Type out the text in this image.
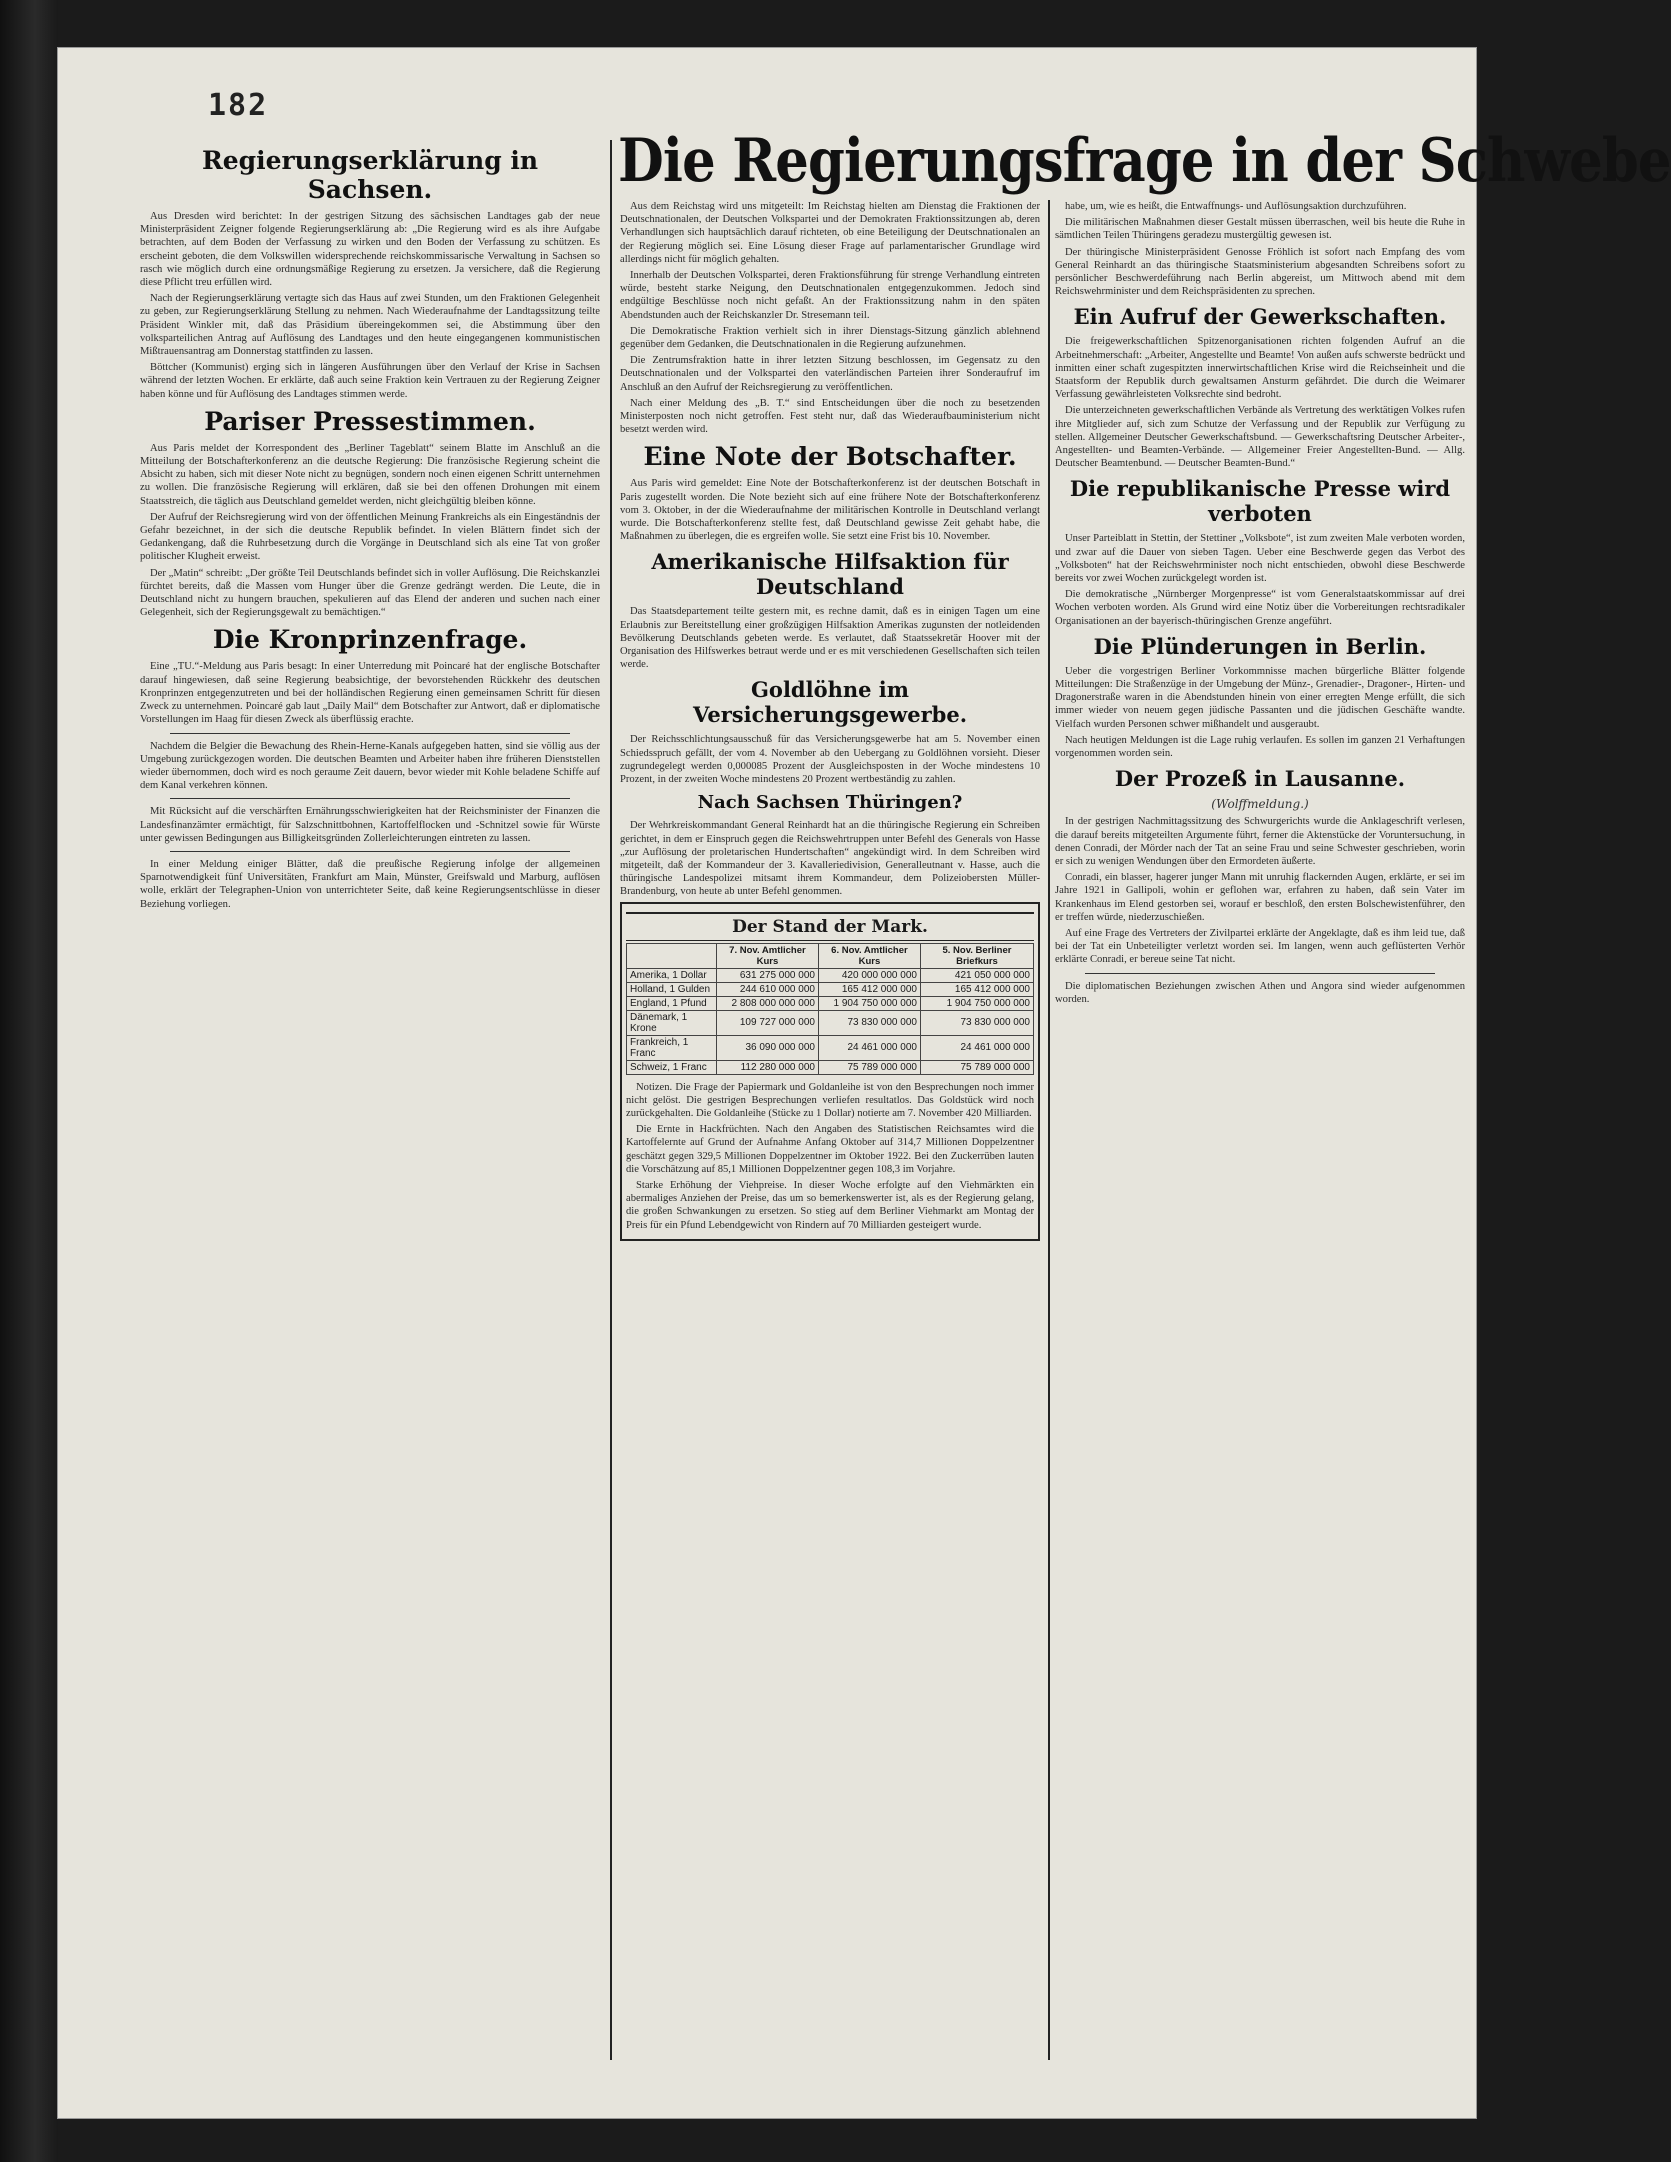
182
Die Regierungsfrage in der Schwebe
Regierungserklärung in Sachsen.

Aus Dresden wird berichtet: In der gestrigen Sitzung des sächsischen Landtages gab der neue Ministerpräsident Zeigner folgende Regierungserklärung ab: „Die Regierung wird es als ihre Aufgabe betrachten, auf dem Boden der Verfassung zu wirken und den Boden der Verfassung zu schützen. Es erscheint geboten, die dem Volkswillen widersprechende reichskommissarische Verwaltung in Sachsen so rasch wie möglich durch eine ordnungsmäßige Regierung zu ersetzen. Ja versichere, daß die Regierung diese Pflicht treu erfüllen wird.

Nach der Regierungserklärung vertagte sich das Haus auf zwei Stunden, um den Fraktionen Gelegenheit zu geben, zur Regierungserklärung Stellung zu nehmen. Nach Wiederaufnahme der Landtagssitzung teilte Präsident Winkler mit, daß das Präsidium übereingekommen sei, die Abstimmung über den volksparteilichen Antrag auf Auflösung des Landtages und den heute eingegangenen kommunistischen Mißtrauensantrag am Donnerstag stattfinden zu lassen.

Böttcher (Kommunist) erging sich in längeren Ausführungen über den Verlauf der Krise in Sachsen während der letzten Wochen. Er erklärte, daß auch seine Fraktion kein Vertrauen zu der Regierung Zeigner haben könne und für Auflösung des Landtages stimmen werde.

Pariser Pressestimmen.

Aus Paris meldet der Korrespondent des „Berliner Tageblatt“ seinem Blatte im Anschluß an die Mitteilung der Botschafterkonferenz an die deutsche Regierung: Die französische Regierung scheint die Absicht zu haben, sich mit dieser Note nicht zu begnügen, sondern noch einen eigenen Schritt unternehmen zu wollen. Die französische Regierung will erklären, daß sie bei den offenen Drohungen mit einem Staatsstreich, die täglich aus Deutschland gemeldet werden, nicht gleichgültig bleiben könne.

Der Aufruf der Reichsregierung wird von der öffentlichen Meinung Frankreichs als ein Eingeständnis der Gefahr bezeichnet, in der sich die deutsche Republik befindet. In vielen Blättern findet sich der Gedankengang, daß die Ruhrbesetzung durch die Vorgänge in Deutschland sich als eine Tat von großer politischer Klugheit erweist.

Der „Matin“ schreibt: „Der größte Teil Deutschlands befindet sich in voller Auflösung. Die Reichskanzlei fürchtet bereits, daß die Massen vom Hunger über die Grenze gedrängt werden. Die Leute, die in Deutschland nicht zu hungern brauchen, spekulieren auf das Elend der anderen und suchen nach einer Gelegenheit, sich der Regierungsgewalt zu bemächtigen.“

Die Kronprinzenfrage.

Eine „TU.“-Meldung aus Paris besagt: In einer Unterredung mit Poincaré hat der englische Botschafter darauf hingewiesen, daß seine Regierung beabsichtige, der bevorstehenden Rückkehr des deutschen Kronprinzen entgegenzutreten und bei der holländischen Regierung einen gemeinsamen Schritt für diesen Zweck zu unternehmen. Poincaré gab laut „Daily Mail“ dem Botschafter zur Antwort, daß er diplomatische Vorstellungen im Haag für diesen Zweck als überflüssig erachte.

Nachdem die Belgier die Bewachung des Rhein-Herne-Kanals aufgegeben hatten, sind sie völlig aus der Umgebung zurückgezogen worden. Die deutschen Beamten und Arbeiter haben ihre früheren Dienststellen wieder übernommen, doch wird es noch geraume Zeit dauern, bevor wieder mit Kohle beladene Schiffe auf dem Kanal verkehren können.

Mit Rücksicht auf die verschärften Ernährungsschwierigkeiten hat der Reichsminister der Finanzen die Landesfinanzämter ermächtigt, für Salzschnittbohnen, Kartoffelflocken und -Schnitzel sowie für Würste unter gewissen Bedingungen aus Billigkeitsgründen Zollerleichterungen eintreten zu lassen.

In einer Meldung einiger Blätter, daß die preußische Regierung infolge der allgemeinen Sparnotwendigkeit fünf Universitäten, Frankfurt am Main, Münster, Greifswald und Marburg, auflösen wolle, erklärt der Telegraphen-Union von unterrichteter Seite, daß keine Regierungsentschlüsse in dieser Beziehung vorliegen.

Aus dem Reichstag wird uns mitgeteilt: Im Reichstag hielten am Dienstag die Fraktionen der Deutschnationalen, der Deutschen Volkspartei und der Demokraten Fraktionssitzungen ab, deren Verhandlungen sich hauptsächlich darauf richteten, ob eine Beteiligung der Deutschnationalen an der Regierung möglich sei. Eine Lösung dieser Frage auf parlamentarischer Grundlage wird allerdings nicht für möglich gehalten.

Innerhalb der Deutschen Volkspartei, deren Fraktionsführung für strenge Verhandlung eintreten würde, besteht starke Neigung, den Deutschnationalen entgegenzukommen. Jedoch sind endgültige Beschlüsse noch nicht gefaßt. An der Fraktionssitzung nahm in den späten Abendstunden auch der Reichskanzler Dr. Stresemann teil.

Die Demokratische Fraktion verhielt sich in ihrer Dienstags-Sitzung gänzlich ablehnend gegenüber dem Gedanken, die Deutschnationalen in die Regierung aufzunehmen.

Die Zentrumsfraktion hatte in ihrer letzten Sitzung beschlossen, im Gegensatz zu den Deutschnationalen und der Volkspartei den vaterländischen Parteien ihrer Sonderaufruf im Anschluß an den Aufruf der Reichsregierung zu veröffentlichen.

Nach einer Meldung des „B. T.“ sind Entscheidungen über die noch zu besetzenden Ministerposten noch nicht getroffen. Fest steht nur, daß das Wiederaufbauministerium nicht besetzt werden wird.

Eine Note der Botschafter.

Aus Paris wird gemeldet: Eine Note der Botschafterkonferenz ist der deutschen Botschaft in Paris zugestellt worden. Die Note bezieht sich auf eine frühere Note der Botschafterkonferenz vom 3. Oktober, in der die Wiederaufnahme der militärischen Kontrolle in Deutschland verlangt wurde. Die Botschafterkonferenz stellte fest, daß Deutschland gewisse Zeit gehabt habe, die Maßnahmen zu überlegen, die es ergreifen wolle. Sie setzt eine Frist bis 10. November.

Amerikanische Hilfsaktion für Deutschland

Das Staatsdepartement teilte gestern mit, es rechne damit, daß es in einigen Tagen um eine Erlaubnis zur Bereitstellung einer großzügigen Hilfsaktion Amerikas zugunsten der notleidenden Bevölkerung Deutschlands gebeten werde. Es verlautet, daß Staatssekretär Hoover mit der Organisation des Hilfswerkes betraut werde und er es mit verschiedenen Gesellschaften sich teilen werde.

Goldlöhne im Versicherungsgewerbe.

Der Reichsschlichtungsausschuß für das Versicherungsgewerbe hat am 5. November einen Schiedsspruch gefällt, der vom 4. November ab den Uebergang zu Goldlöhnen vorsieht. Dieser zugrundegelegt werden 0,000085 Prozent der Ausgleichsposten in der Woche mindestens 10 Prozent, in der zweiten Woche mindestens 20 Prozent wertbeständig zu zahlen.

Nach Sachsen Thüringen?

Der Wehrkreiskommandant General Reinhardt hat an die thüringische Regierung ein Schreiben gerichtet, in dem er Einspruch gegen die Reichswehrtruppen unter Befehl des Generals von Hasse „zur Auflösung der proletarischen Hundertschaften“ angekündigt wird. In dem Schreiben wird mitgeteilt, daß der Kommandeur der 3. Kavalleriedivision, Generalleutnant v. Hasse, auch die thüringische Landespolizei mitsamt ihrem Kommandeur, dem Polizeiobersten Müller-Brandenburg, von heute ab unter Befehl genommen.

Der Stand der Mark.
	7. Nov. Amtlicher Kurs	6. Nov. Amtlicher Kurs	5. Nov. Berliner Briefkurs
Amerika, 1 Dollar	631 275 000 000	420 000 000 000	421 050 000 000
Holland, 1 Gulden	244 610 000 000	165 412 000 000	165 412 000 000
England, 1 Pfund	2 808 000 000 000	1 904 750 000 000	1 904 750 000 000
Dänemark, 1 Krone	109 727 000 000	73 830 000 000	73 830 000 000
Frankreich, 1 Franc	36 090 000 000	24 461 000 000	24 461 000 000
Schweiz, 1 Franc	112 280 000 000	75 789 000 000	75 789 000 000

Notizen. Die Frage der Papiermark und Goldanleihe ist von den Besprechungen noch immer nicht gelöst. Die gestrigen Besprechungen verliefen resultatlos. Das Goldstück wird noch zurückgehalten. Die Goldanleihe (Stücke zu 1 Dollar) notierte am 7. November 420 Milliarden.

Die Ernte in Hackfrüchten. Nach den Angaben des Statistischen Reichsamtes wird die Kartoffelernte auf Grund der Aufnahme Anfang Oktober auf 314,7 Millionen Doppelzentner geschätzt gegen 329,5 Millionen Doppelzentner im Oktober 1922. Bei den Zuckerrüben lauten die Vorschätzung auf 85,1 Millionen Doppelzentner gegen 108,3 im Vorjahre.

Starke Erhöhung der Viehpreise. In dieser Woche erfolgte auf den Viehmärkten ein abermaliges Anziehen der Preise, das um so bemerkenswerter ist, als es der Regierung gelang, die großen Schwankungen zu ersetzen. So stieg auf dem Berliner Viehmarkt am Montag der Preis für ein Pfund Lebendgewicht von Rindern auf 70 Milliarden gesteigert wurde.

habe, um, wie es heißt, die Entwaffnungs- und Auflösungsaktion durchzuführen.

Die militärischen Maßnahmen dieser Gestalt müssen überraschen, weil bis heute die Ruhe in sämtlichen Teilen Thüringens geradezu mustergültig gewesen ist.

Der thüringische Ministerpräsident Genosse Fröhlich ist sofort nach Empfang des vom General Reinhardt an das thüringische Staatsministerium abgesandten Schreibens sofort zu persönlicher Beschwerdeführung nach Berlin abgereist, um Mittwoch abend mit dem Reichswehrminister und dem Reichspräsidenten zu sprechen.

Ein Aufruf der Gewerkschaften.

Die freigewerkschaftlichen Spitzenorganisationen richten folgenden Aufruf an die Arbeitnehmerschaft: „Arbeiter, Angestellte und Beamte! Von außen aufs schwerste bedrückt und inmitten einer schaft zugespitzten innerwirtschaftlichen Krise wird die Reichseinheit und die Staatsform der Republik durch gewaltsamen Ansturm gefährdet. Die durch die Weimarer Verfassung gewährleisteten Volksrechte sind bedroht.

Die unterzeichneten gewerkschaftlichen Verbände als Vertretung des werktätigen Volkes rufen ihre Mitglieder auf, sich zum Schutze der Verfassung und der Republik zur Verfügung zu stellen. Allgemeiner Deutscher Gewerkschaftsbund. — Gewerkschaftsring Deutscher Arbeiter-, Angestellten- und Beamten-Verbände. — Allgemeiner Freier Angestellten-Bund. — Allg. Deutscher Beamtenbund. — Deutscher Beamten-Bund.“

Die republikanische Presse wird verboten

Unser Parteiblatt in Stettin, der Stettiner „Volksbote“, ist zum zweiten Male verboten worden, und zwar auf die Dauer von sieben Tagen. Ueber eine Beschwerde gegen das Verbot des „Volksboten“ hat der Reichswehrminister noch nicht entschieden, obwohl diese Beschwerde bereits vor zwei Wochen zurückgelegt worden ist.

Die demokratische „Nürnberger Morgenpresse“ ist vom Generalstaatskommissar auf drei Wochen verboten worden. Als Grund wird eine Notiz über die Vorbereitungen rechtsradikaler Organisationen an der bayerisch-thüringischen Grenze angeführt.

Die Plünderungen in Berlin.

Ueber die vorgestrigen Berliner Vorkommnisse machen bürgerliche Blätter folgende Mitteilungen: Die Straßenzüge in der Umgebung der Münz-, Grenadier-, Dragoner-, Hirten- und Dragonerstraße waren in die Abendstunden hinein von einer erregten Menge erfüllt, die sich immer wieder von neuem gegen jüdische Passanten und die jüdischen Geschäfte wandte. Vielfach wurden Personen schwer mißhandelt und ausgeraubt.

Nach heutigen Meldungen ist die Lage ruhig verlaufen. Es sollen im ganzen 21 Verhaftungen vorgenommen worden sein.

Der Prozeß in Lausanne.
(Wolffmeldung.)

In der gestrigen Nachmittagssitzung des Schwurgerichts wurde die Anklageschrift verlesen, die darauf bereits mitgeteilten Argumente führt, ferner die Aktenstücke der Voruntersuchung, in denen Conradi, der Mörder nach der Tat an seine Frau und seine Schwester geschrieben, worin er sich zu wenigen Wendungen über den Ermordeten äußerte.

Conradi, ein blasser, hagerer junger Mann mit unruhig flackernden Augen, erklärte, er sei im Jahre 1921 in Gallipoli, wohin er geflohen war, erfahren zu haben, daß sein Vater im Krankenhaus im Elend gestorben sei, worauf er beschloß, den ersten Bolschewistenführer, den er treffen würde, niederzuschießen.

Auf eine Frage des Vertreters der Zivilpartei erklärte der Angeklagte, daß es ihm leid tue, daß bei der Tat ein Unbeteiligter verletzt worden sei. Im langen, wenn auch geflüsterten Verhör erklärte Conradi, er bereue seine Tat nicht.

Die diplomatischen Beziehungen zwischen Athen und Angora sind wieder aufgenommen worden.
